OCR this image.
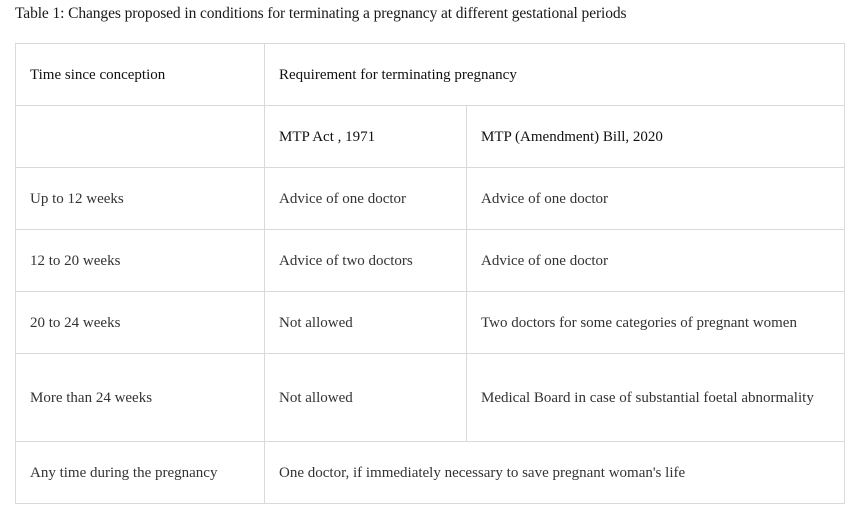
Table 1: Changes proposed in conditions for terminating a pregnancy at different gestational periods
Time since conception	Requirement for terminating pregnancy	
	MTP Act , 1971	MTP (Amendment) Bill, 2020
Up to 12 weeks	Advice of one doctor	Advice of one doctor
12 to 20 weeks	Advice of two doctors	Advice of one doctor
20 to 24 weeks	Not allowed	Two doctors for some categories of pregnant women
More than 24 weeks	Not allowed	Medical Board in case of substantial foetal abnormality
Any time during the pregnancy	One doctor, if immediately necessary to save pregnant woman's life	
